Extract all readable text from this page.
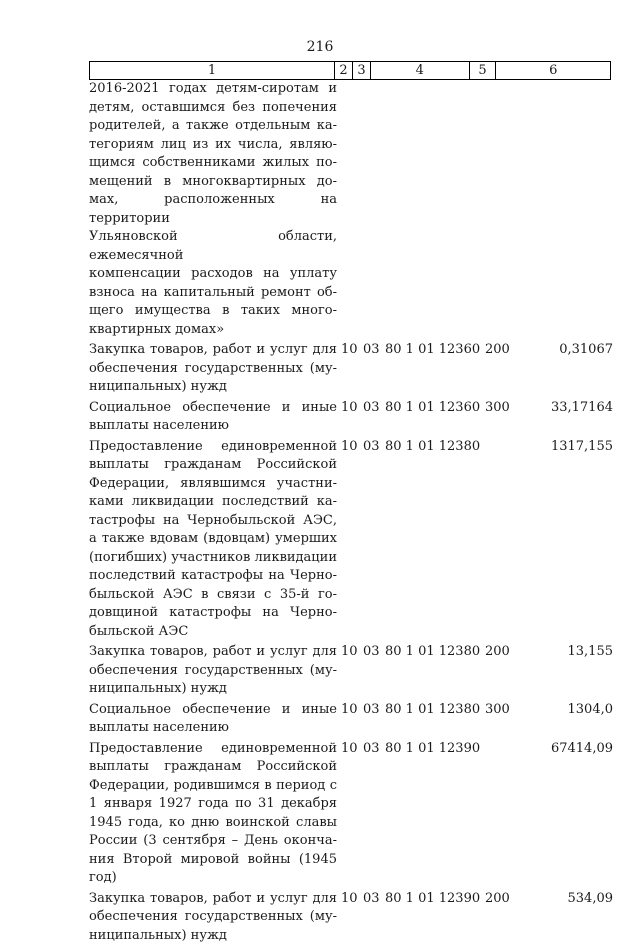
216
1	2 3	4	5	6
2016-2021 годах детям-сиротам и
детям, оставшимся без попечения
родителей, а также отдельным ка-
тегориям лиц из их числа, являю-
щимся собственниками жилых по-
мещений в многоквартирных до-
мах, расположенных на территории
Ульяновской области, ежемесячной
компенсации расходов на уплату
взноса на капитальный ремонт об-
щего имущества в таких много-
квартирных домах»
Закупка товаров, работ и услуг для
обеспечения государственных (му-
ниципальных) нужд
10 03 80 1 01 12360 200	0,31067
Социальное обеспечение и иные
выплаты населению
10 03 80 1 01 12360 300	33,17164
Предоставление единовременной
выплаты гражданам Российской
Федерации, являвшимся участни-
ками ликвидации последствий ка-
тастрофы на Чернобыльской АЭС,
а также вдовам (вдовцам) умерших
(погибших) участников ликвидации
последствий катастрофы на Черно-
быльской АЭС в связи с 35-й го-
довщиной катастрофы на Черно-
быльской АЭС
10 03 80 1 01 12380	1317,155
Закупка товаров, работ и услуг для
обеспечения государственных (му-
ниципальных) нужд
10 03 80 1 01 12380 200	13,155
Социальное обеспечение и иные
выплаты населению
10 03 80 1 01 12380 300	1304,0
Предоставление единовременной
выплаты гражданам Российской
Федерации, родившимся в период с
1 января 1927 года по 31 декабря
1945 года, ко дню воинской славы
России (3 сентября – День оконча-
ния Второй мировой войны (1945
год)
10 03 80 1 01 12390	67414,09
Закупка товаров, работ и услуг для
обеспечения государственных (му-
ниципальных) нужд
10 03 80 1 01 12390 200	534,09
